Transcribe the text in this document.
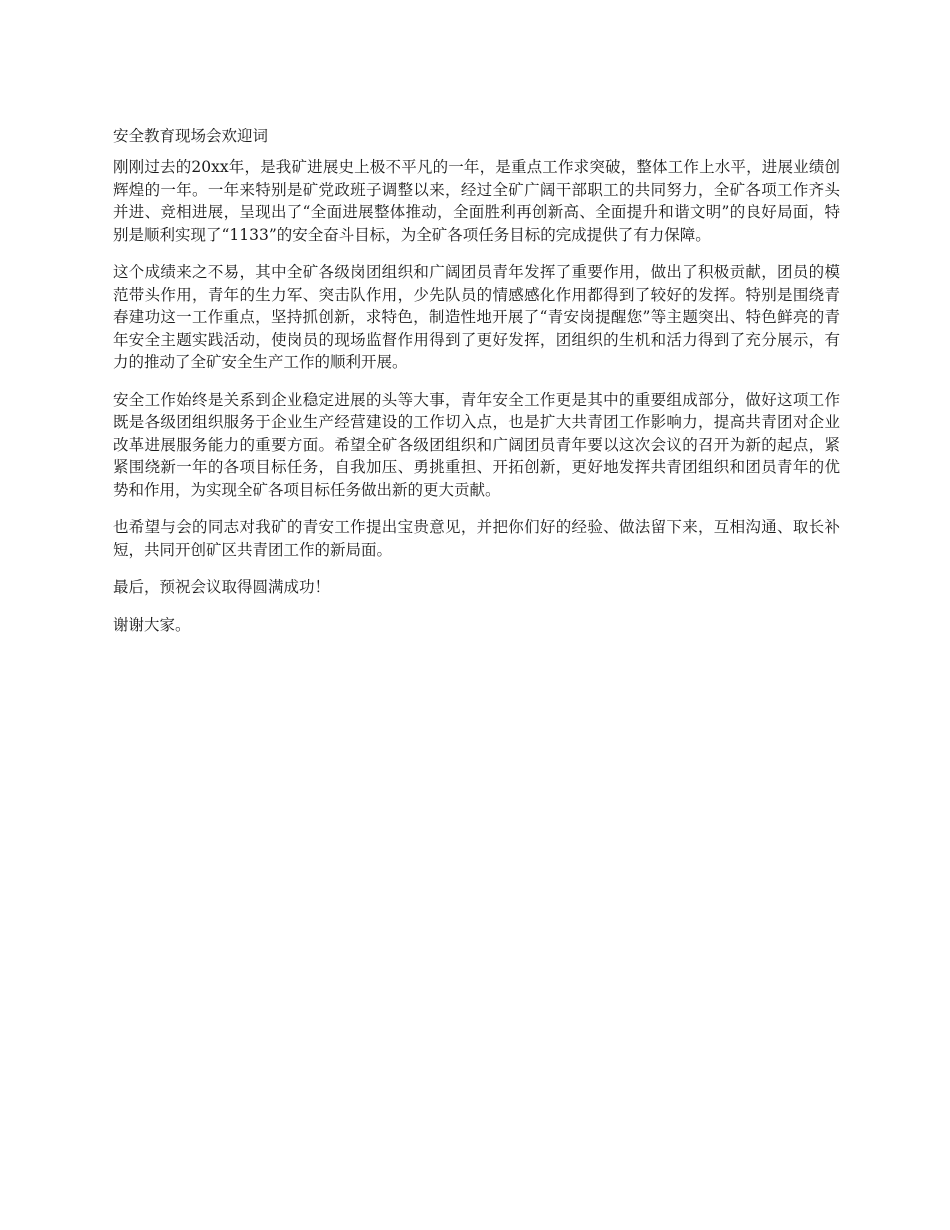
安全教育现场会欢迎词

刚刚过去的20xx年，是我矿进展史上极不平凡的一年，是重点工作求突破，整体工作上水平，进展业绩创辉煌的一年。一年来特别是矿党政班子调整以来，经过全矿广阔干部职工的共同努力，全矿各项工作齐头并进、竞相进展，呈现出了“全面进展整体推动，全面胜利再创新高、全面提升和谐文明”的良好局面，特别是顺利实现了“1133”的安全奋斗目标，为全矿各项任务目标的完成提供了有力保障。

这个成绩来之不易，其中全矿各级岗团组织和广阔团员青年发挥了重要作用，做出了积极贡献，团员的模范带头作用，青年的生力军、突击队作用，少先队员的情感感化作用都得到了较好的发挥。特别是围绕青春建功这一工作重点，坚持抓创新，求特色，制造性地开展了“青安岗提醒您”等主题突出、特色鲜亮的青年安全主题实践活动，使岗员的现场监督作用得到了更好发挥，团组织的生机和活力得到了充分展示，有力的推动了全矿安全生产工作的顺利开展。

安全工作始终是关系到企业稳定进展的头等大事，青年安全工作更是其中的重要组成部分，做好这项工作既是各级团组织服务于企业生产经营建设的工作切入点，也是扩大共青团工作影响力，提高共青团对企业改革进展服务能力的重要方面。希望全矿各级团组织和广阔团员青年要以这次会议的召开为新的起点，紧紧围绕新一年的各项目标任务，自我加压、勇挑重担、开拓创新，更好地发挥共青团组织和团员青年的优势和作用，为实现全矿各项目标任务做出新的更大贡献。

也希望与会的同志对我矿的青安工作提出宝贵意见，并把你们好的经验、做法留下来，互相沟通、取长补短，共同开创矿区共青团工作的新局面。

最后，预祝会议取得圆满成功！

谢谢大家。
